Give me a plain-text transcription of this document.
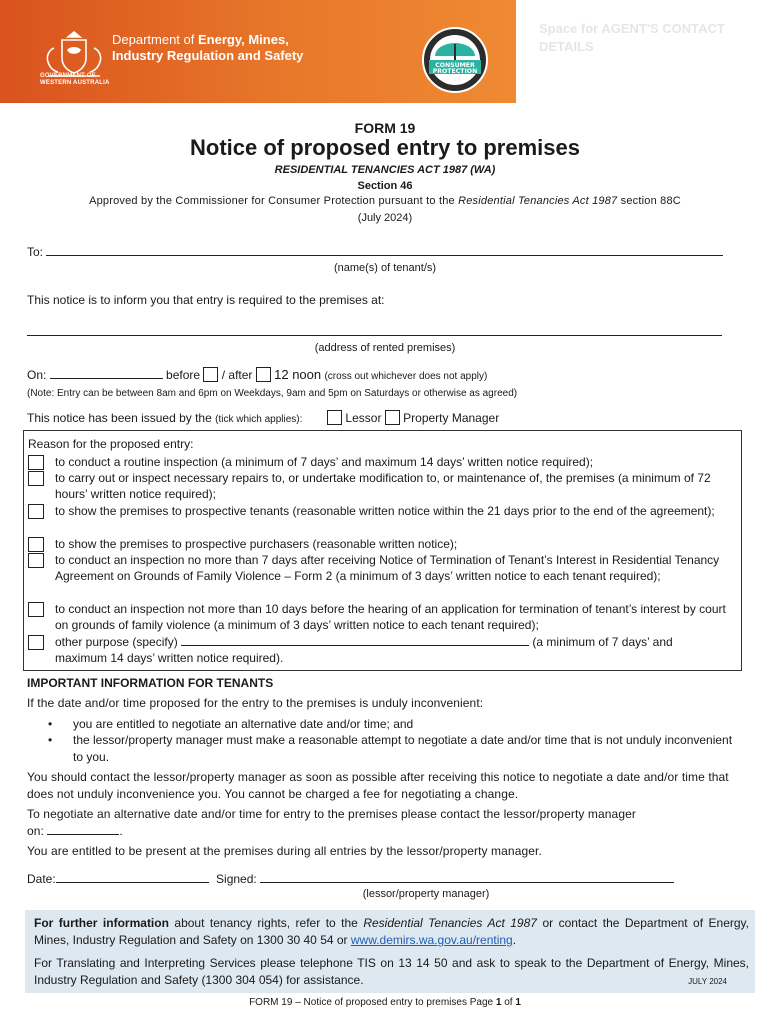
GOVERNMENT OF
WESTERN AUSTRALIA
Department of Energy, Mines,
Industry Regulation and Safety
CONSUMER
PROTECTION
Space for AGENT'S CONTACT DETAILS
FORM 19
Notice of proposed entry to premises
RESIDENTIAL TENANCIES ACT 1987 (WA)
Section 46
Approved by the Commissioner for Consumer Protection pursuant to the Residential Tenancies Act 1987 section 88C
(July 2024)
To:
(name(s) of tenant/s)
This notice is to inform you that entry is required to the premises at:
(address of rented premises)
On:	before / after 12 noon (cross out whichever does not apply)
(Note: Entry can be between 8am and 6pm on Weekdays, 9am and 5pm on Saturdays or otherwise as agreed)
This notice has been issued by the (tick which applies):	Lessor Property Manager
Reason for the proposed entry:
to conduct a routine inspection (a minimum of 7 days’ and maximum 14 days’ written notice required);
to carry out or inspect necessary repairs to, or undertake modification to, or maintenance of, the premises (a minimum of 72 hours’ written notice required);
to show the premises to prospective tenants (reasonable written notice within the 21 days prior to the end of the agreement);
to show the premises to prospective purchasers (reasonable written notice);
to conduct an inspection no more than 7 days after receiving Notice of Termination of Tenant’s Interest in Residential Tenancy Agreement on Grounds of Family Violence – Form 2 (a minimum of 3 days’ written notice to each tenant required);
to conduct an inspection not more than 10 days before the hearing of an application for termination of tenant’s interest by court on grounds of family violence (a minimum of 3 days’ written notice to each tenant required);
other purpose (specify)	(a minimum of 7 days’ and
maximum 14 days’ written notice required).
IMPORTANT INFORMATION FOR TENANTS
If the date and/or time proposed for the entry to the premises is unduly inconvenient:
• you are entitled to negotiate an alternative date and/or time; and
• the lessor/property manager must make a reasonable attempt to negotiate a date and/or time that is not unduly inconvenient to you.
You should contact the lessor/property manager as soon as possible after receiving this notice to negotiate a date and/or time that does not unduly inconvenience you. You cannot be charged a fee for negotiating a change.
To negotiate an alternative date and/or time for entry to the premises please contact the lessor/property manager
on:	.
You are entitled to be present at the premises during all entries by the lessor/property manager.
Date:	Signed:
(lessor/property manager)

For further information about tenancy rights, refer to the Residential Tenancies Act 1987 or contact the Department of Energy, Mines, Industry Regulation and Safety on 1300 30 40 54 or www.demirs.wa.gov.au/renting.

For Translating and Interpreting Services please telephone TIS on 13 14 50 and ask to speak to the Department of Energy, Mines, Industry Regulation and Safety (1300 304 054) for assistance.	JULY 2024
FORM 19 – Notice of proposed entry to premises Page 1 of 1
